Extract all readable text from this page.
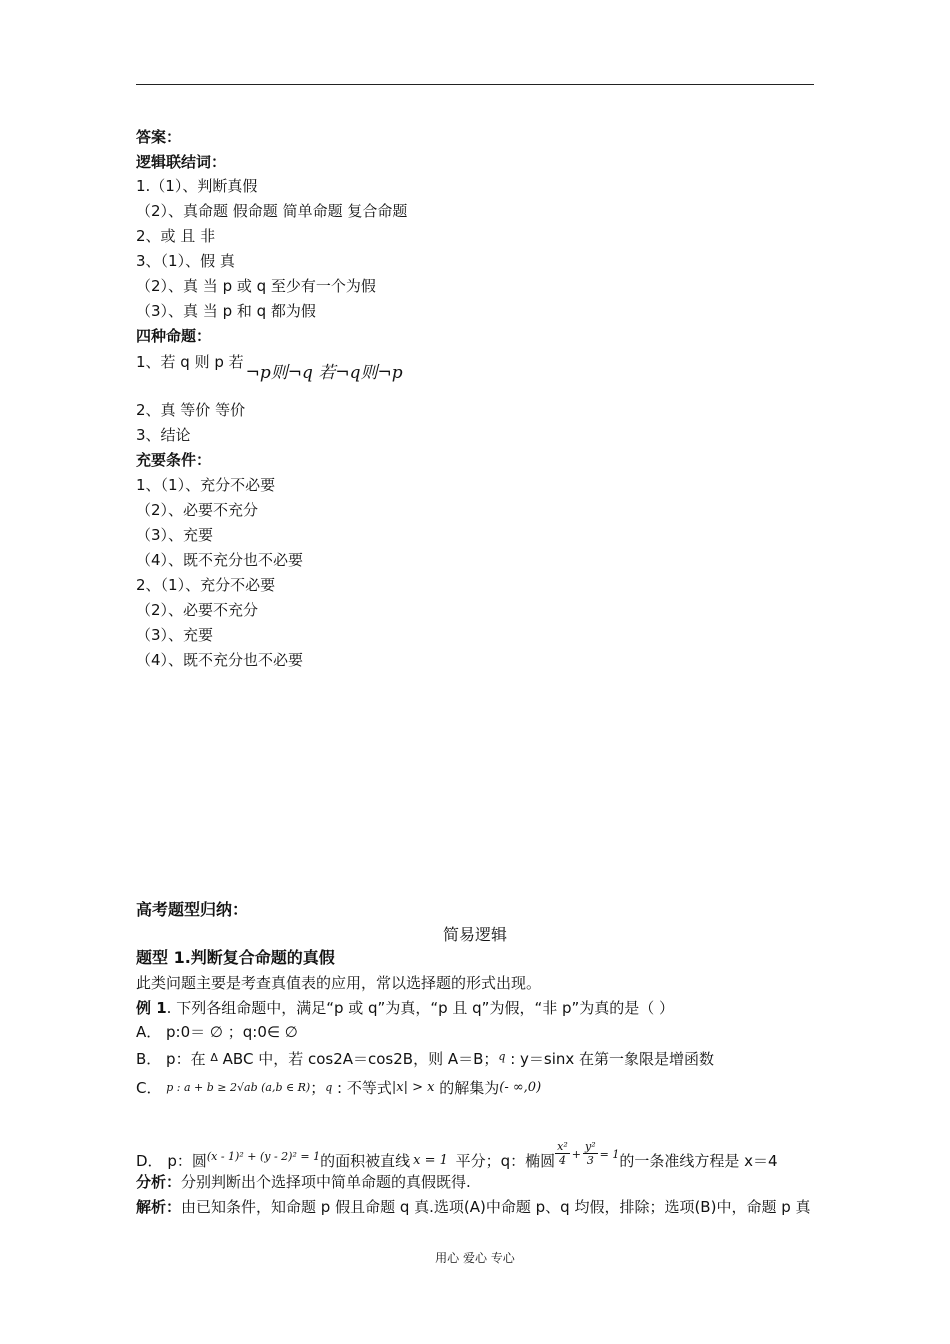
答案：
逻辑联结词：
1.（1）、判断真假
（2）、真命题 假命题 简单命题 复合命题
2、或 且 非
3、（1）、假 真
（2）、真 当 p 或 q 至少有一个为假
（3）、真 当 p 和 q 都为假
四种命题：
1、若 q 则 p 若¬p则¬q 若¬q则¬p
2、真 等价 等价
3、结论
充要条件：
1、（1）、充分不必要
（2）、必要不充分
（3）、充要
（4）、既不充分也不必要
2、（1）、充分不必要
（2）、必要不充分
（3）、充要
（4）、既不充分也不必要
高考题型归纳：
简易逻辑
题型 1.判断复合命题的真假
此类问题主要是考查真值表的应用，常以选择题的形式出现。
例 1. 下列各组命题中，满足“p 或 q”为真，“p 且 q”为假，“非 p”为真的是（ ）
A． p:0＝ ∅ ；q:0∈ ∅
B． p：在 $^\Delta$ ABC 中，若 cos2A＝cos2B，则 A＝B；$^q$ : y＝sinx 在第一象限是增函数
C． p : a + b ≥ 2√ab (a,b ∈ R)；q : 不等式|x| > x 的解集为(- ∞,0)
D． p：圆$^{(x - 1)^2 + (y - 2)^2 = 1}$的面积被直线 x = 1 平分；q：椭圆 $\frac{\text{x²}}{4} + \frac{\text{y²}}{3} = 1$的一条准线方程是 x＝4
分析：分别判断出个选择项中简单命题的真假既得.
解析：由已知条件，知命题 p 假且命题 q 真.选项(A)中命题 p、q 均假，排除；选项(B)中，命题 p 真
用心 爱心 专心
